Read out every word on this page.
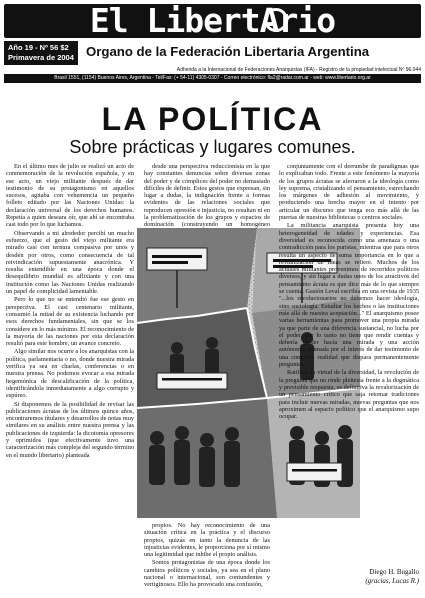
El LibertArio
Año 19 - Nº 56 $2
Primavera de 2004 Organo de la Federación Libertaria Argentina
Adherida a la Internacional de Federaciones Anarquistas (IFA) - Registro de la propiedad intelectual Nº 96.044
Brasil 1551, (1154) Buenos Aires, Argentina - Tel/Fax: (+ 54-11) 4305-0307 - Correo electrónico: fla2@radar.com.ar - web: www.libertario.org.ar
LA POLÍTICA
Sobre prácticas y lugares comunes.

En el último mes de julio se realizó un acto de conmemoración de la revolución española, y en ese acto, un viejo militante después de dar testimonio de su protagonismo en aquellos sucesos, agitaba con vehemencia un pequeño folleto editado por las Naciones Unidas: la declaración universal de los derechos humanos. Repetía a quien deseara oír, que ahí se encontraba casi todo por lo que luchamos.

Observando a mi alrededor percibí un mucho esfuerzo, que el gesto del viejo militante era mirado casi con ternura compasiva por unos y desdén por otros, como consecuencia de tal reivindicación supuestamente anacrónica. Y resulta entendible en una época donde el desequilibrio mundial es aflixiante y con una institución como las Naciones Unidas realizando un papel de complicidad lamentable.

Pero lo que no se entendió fue ese gesto en perspectiva. El casi centenario militante, consumió la mitad de su existencia luchando por esos derechos fundamentales, sin que se los considere en lo más mínimo. El reconocimiento de la mayoría de las naciones por esta declaración resultó para este hombre, un avance concreto.

Algo similar nos ocurre a los anarquistas con la política, parlamentaria o no, donde nuestra mirada verifica ya sea en charlas, conferencias o en nuestra prensa. No podemos evocar a esa mirada hegemónica de descalificación de la política, identificándola inmediatamente a algo corrupto y espúreo.

Si disponemos de la posibilidad de revisar las publicaciones ácratas de los últimos quince años, encontraremos títulares y desarrollos de notas muy similares en su análisis entre nuestra prensa y las publicaciones de izquierda: la dicotomía opresores y oprimidos (que efectivamente tuvo una caracterización más compleja del segundo término en el mundo libertario) planteada

desde una perspectiva reduccionista en la que hay constantes denuncias sobre diversas zonas del poder y de cómplices del poder no demasiado difíciles de definir. Estos gestos que expresan, sin lugar a dudas, la indignación frente a formas evidentes de las relaciones sociales que reproducen opresión e injusticia, no resultan ni en la problematización de los grupos y espacios de dominación (construyendo un homogéneo

propios. No hay reconocimiento de una situación crítica en la práctica y el discurso propios, quizás en tanto la denuncia de las injusticias evidentes, le proporciona por sí mismo una legitimidad que inhibe el propio análisis.

Somos protagonistas de una época donde los cambios políticos y sociales, ya sea en el plano nacional o internacional, son contundentes y vertiginosos. Ello ha provocado una confusión,

conjuntamente con el derrumbe de paradigmas que lo explicaban todo. Frente a este fenómeno la mayoría de los grupos ácratas se aferraron a la ideología como ley suprema, cristalizando el pensamiento, estrechando los márgenes de adhesión al movimiento, y produciendo una brecha mayor en el intento por articular un discurso que tenga eco más allá de las puertas de nuestras bibliotecas o centros sociales.

La militancia anarquista presenta hoy una heterogeneidad de edades y experiencias. Esa diversidad es reconocida como una amenaza o una contradicción para los puristas, mientras que para otros resulta un aspecto de suma importancia en lo que a revitalización de ideas se refiere. Muchos de los actuales militantes provenimos de recorridos políticos diversos, y sin lugar a dudas unos de los atractivos del pensamiento ácrata es que dice más de lo que siempre se cuenta. Gastón Leval escribía en una revista de 1935 "...los revolucionarios no debemos hacer ideología, sino sociología. Estudiar los hechos o las instituciones más allá de nuestra aceptación..." El anarquismo posee varias herramientas para promover una propia mirada ya que parte de una diferencia sustancial, no lucha por el poder, por lo tanto no tiene que rendir cuentas y debería tender hacia una mirada y una acción autónoma, animada por el interés de dar testimonio de una compleja realidad que dispara permanentemente preguntas.

Ratificar la virtud de la diversidad, la revolución de la pregunta que no rinde pleitesía frente a la dogmática y previsible respuesta, es definitiva la revalorización de un pensamiento crítico que saja retomar tradiciones para incluir nuevas miradas, nuevas preguntas que nos aproximen al espacio político que el anarquismo supo ocupar.

Diego H. Bugallo
(gracias, Lucas R.)
